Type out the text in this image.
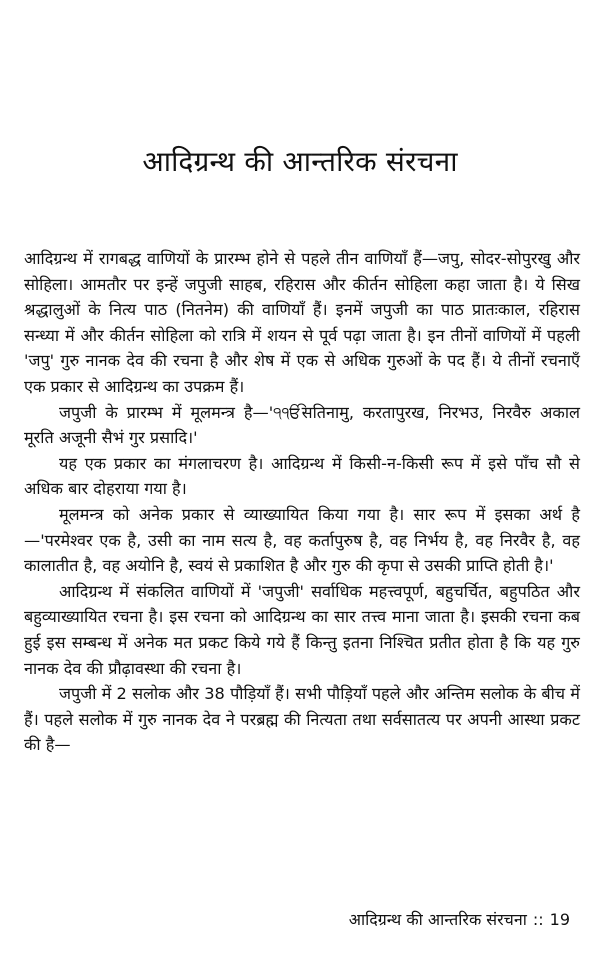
आदिग्रन्थ की आन्तरिक संरचना

आदिग्रन्थ में रागबद्ध वाणियों के प्रारम्भ होने से पहले तीन वाणियाँ हैं—जपु, सोदर-सोपुरखु और सोहिला। आमतौर पर इन्हें जपुजी साहब, रहिरास और कीर्तन सोहिला कहा जाता है। ये सिख श्रद्धालुओं के नित्य पाठ (नितनेम) की वाणियाँ हैं। इनमें जपुजी का पाठ प्रातःकाल, रहिरास सन्ध्या में और कीर्तन सोहिला को रात्रि में शयन से पूर्व पढ़ा जाता है। इन तीनों वाणियों में पहली 'जपु' गुरु नानक देव की रचना है और शेष में एक से अधिक गुरुओं के पद हैं। ये तीनों रचनाएँ एक प्रकार से आदिग्रन्थ का उपक्रम हैं।

जपुजी के प्रारम्भ में मूलमन्त्र है—'੧ੴसतिनामु, करतापुरख, निरभउ, निरवैरु अकाल मूरति अजूनी सैभं गुर प्रसादि।'

यह एक प्रकार का मंगलाचरण है। आदिग्रन्थ में किसी-न-किसी रूप में इसे पाँच सौ से अधिक बार दोहराया गया है।

मूलमन्त्र को अनेक प्रकार से व्याख्यायित किया गया है। सार रूप में इसका अर्थ है—'परमेश्वर एक है, उसी का नाम सत्य है, वह कर्तापुरुष है, वह निर्भय है, वह निरवैर है, वह कालातीत है, वह अयोनि है, स्वयं से प्रकाशित है और गुरु की कृपा से उसकी प्राप्ति होती है।'

आदिग्रन्थ में संकलित वाणियों में 'जपुजी' सर्वाधिक महत्त्वपूर्ण, बहुचर्चित, बहुपठित और बहुव्याख्यायित रचना है। इस रचना को आदिग्रन्थ का सार तत्त्व माना जाता है। इसकी रचना कब हुई इस सम्बन्ध में अनेक मत प्रकट किये गये हैं किन्तु इतना निश्चित प्रतीत होता है कि यह गुरु नानक देव की प्रौढ़ावस्था की रचना है।

जपुजी में 2 सलोक और 38 पौड़ियाँ हैं। सभी पौड़ियाँ पहले और अन्तिम सलोक के बीच में हैं। पहले सलोक में गुरु नानक देव ने परब्रह्म की नित्यता तथा सर्वसातत्य पर अपनी आस्था प्रकट की है—

आदिग्रन्थ की आन्तरिक संरचना :: 19
